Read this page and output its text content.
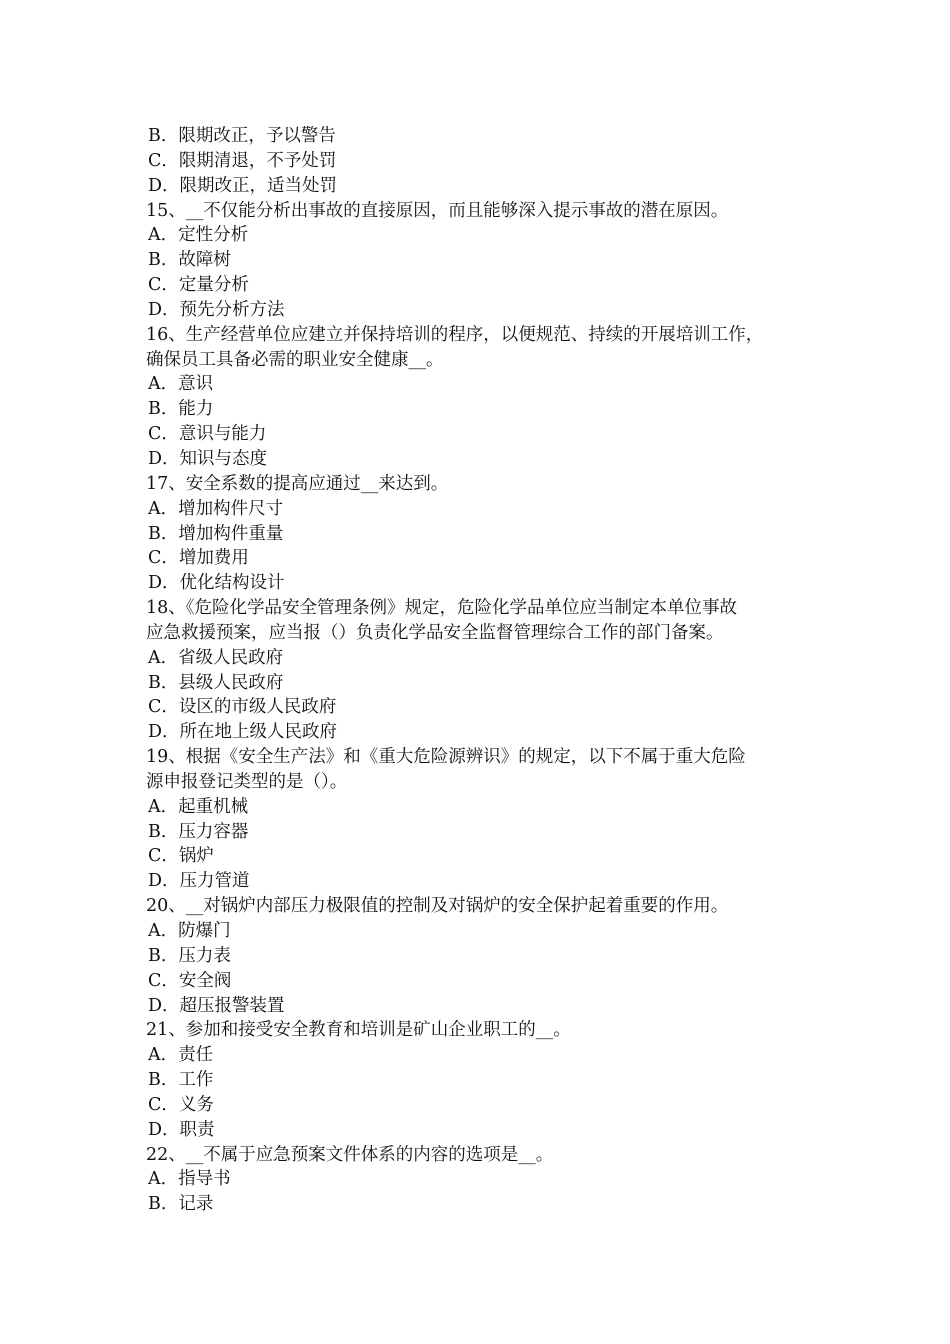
B．限期改正，予以警告
C．限期清退，不予处罚
D．限期改正，适当处罚
15、__不仅能分析出事故的直接原因，而且能够深入提示事故的潜在原因。
A．定性分析
B．故障树
C．定量分析
D．预先分析方法
16、生产经营单位应建立并保持培训的程序，以便规范、持续的开展培训工作，
确保员工具备必需的职业安全健康__。
A．意识
B．能力
C．意识与能力
D．知识与态度
17、安全系数的提高应通过__来达到。
A．增加构件尺寸
B．增加构件重量
C．增加费用
D．优化结构设计
18、《危险化学品安全管理条例》规定，危险化学品单位应当制定本单位事故
应急救援预案，应当报（）负责化学品安全监督管理综合工作的部门备案。
A．省级人民政府
B．县级人民政府
C．设区的市级人民政府
D．所在地上级人民政府
19、根据《安全生产法》和《重大危险源辨识》的规定，以下不属于重大危险
源申报登记类型的是（）。
A．起重机械
B．压力容器
C．锅炉
D．压力管道
20、__对锅炉内部压力极限值的控制及对锅炉的安全保护起着重要的作用。
A．防爆门
B．压力表
C．安全阀
D．超压报警装置
21、参加和接受安全教育和培训是矿山企业职工的__。
A．责任
B．工作
C．义务
D．职责
22、__不属于应急预案文件体系的内容的选项是__。
A．指导书
B．记录
